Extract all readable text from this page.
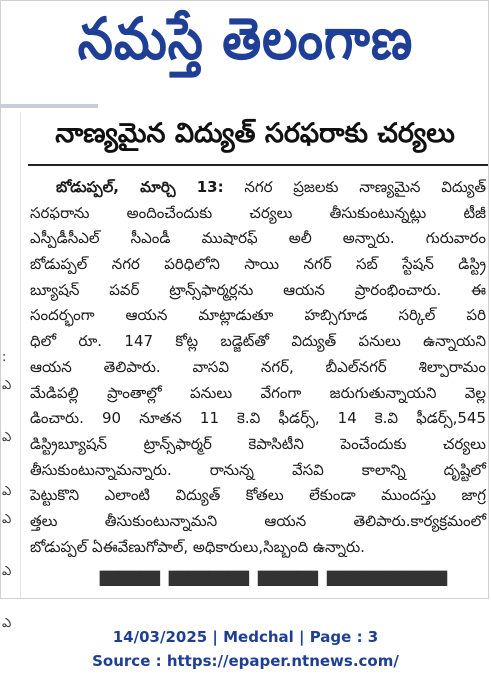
నమస్తే తెలంగాణ
:
ఎ
ఎ
ఎ
ఎ
ఎ
ఎ
నాణ్యమైన విద్యుత్ సరఫరాకు చర్యలు
బోడుప్పల్, మార్చి 13: నగర ప్రజలకు నాణ్యమైన విద్యుత్
సరఫరాను అందించేందుకు చర్యలు తీసుకుంటున్నట్లు టీజీ
ఎస్పీడీసీఎల్ సీఎండీ ముషారఫ్ అలీ అన్నారు. గురువారం
బోడుప్పల్ నగర పరిధిలోని సాయి నగర్ సబ్ స్టేషన్ డిస్ట్రి
బ్యూషన్ పవర్ ట్రాన్స్‌ఫార్మర్లను ఆయన ప్రారంభించారు. ఈ
సందర్భంగా ఆయన మాట్లాడుతూ హబ్సిగూడ సర్కిల్ పరి
ధిలో రూ. 147 కోట్ల బడ్జెట్‌తో విద్యుత్ పనులు ఉన్నాయని
ఆయన తెలిపారు. వాసవి నగర్, బీఎల్‌నగర్ శిల్పారామం
మేడిపల్లి ప్రాంతాల్లో పనులు వేగంగా జరుగుతున్నాయని వెల్ల
డించారు. 90 నూతన 11 కె.వి ఫీడర్స్, 14 కె.వి ఫీడర్స్,545
డిస్ట్రిబ్యూషన్ ట్రాన్స్‌ఫార్మర్ కెపాసిటీని పెంచేందుకు చర్యలు
తీసుకుంటున్నామన్నారు. రానున్న వేసవి కాలాన్ని దృష్టిలో
పెట్టుకొని ఎలాంటి విద్యుత్ కోతలు లేకుండా ముందస్తు జాగ్ర
త్తలు తీసుకుంటున్నామని ఆయన తెలిపారు.కార్యక్రమంలో
బోడుప్పల్ ఏఈవేణుగోపాల్, అధికారులు,సిబ్బంది ఉన్నారు.
▀▀▀ ▀▀▀▀ ▀▀▀ ▀▀▀▀▀▀
14/03/2025 | Medchal | Page : 3
Source : https://epaper.ntnews.com/
